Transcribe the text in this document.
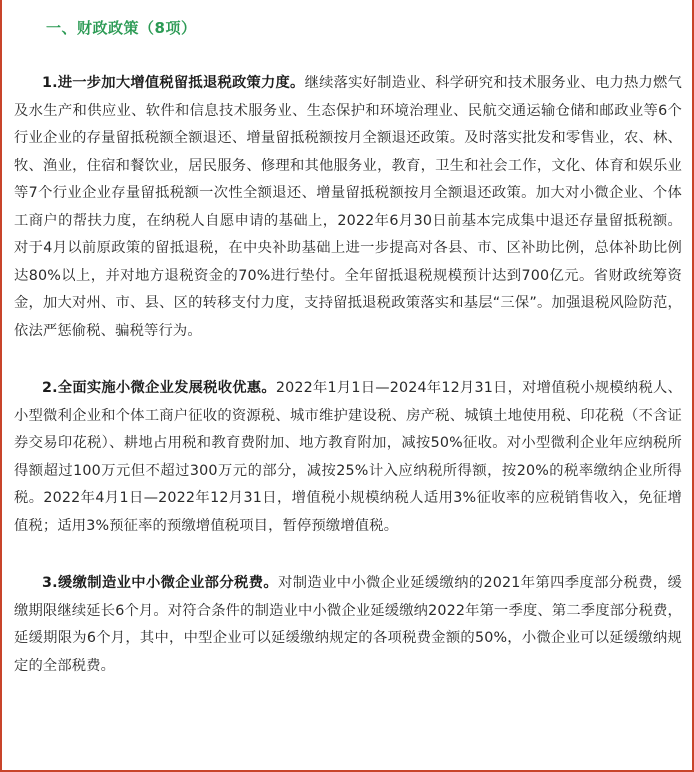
一、财政政策（8项）

1.进一步加大增值税留抵退税政策力度。继续落实好制造业、科学研究和技术服务业、电力热力燃气及水生产和供应业、软件和信息技术服务业、生态保护和环境治理业、民航交通运输仓储和邮政业等6个行业企业的存量留抵税额全额退还、增量留抵税额按月全额退还政策。及时落实批发和零售业，农、林、牧、渔业，住宿和餐饮业，居民服务、修理和其他服务业，教育，卫生和社会工作，文化、体育和娱乐业等7个行业企业存量留抵税额一次性全额退还、增量留抵税额按月全额退还政策。加大对小微企业、个体工商户的帮扶力度，在纳税人自愿申请的基础上，2022年6月30日前基本完成集中退还存量留抵税额。对于4月以前原政策的留抵退税，在中央补助基础上进一步提高对各县、市、区补助比例，总体补助比例达80%以上，并对地方退税资金的70%进行垫付。全年留抵退税规模预计达到700亿元。省财政统筹资金，加大对州、市、县、区的转移支付力度，支持留抵退税政策落实和基层“三保”。加强退税风险防范，依法严惩偷税、骗税等行为。

2.全面实施小微企业发展税收优惠。2022年1月1日—2024年12月31日，对增值税小规模纳税人、小型微利企业和个体工商户征收的资源税、城市维护建设税、房产税、城镇土地使用税、印花税（不含证券交易印花税）、耕地占用税和教育费附加、地方教育附加，减按50%征收。对小型微利企业年应纳税所得额超过100万元但不超过300万元的部分，减按25%计入应纳税所得额，按20%的税率缴纳企业所得税。2022年4月1日—2022年12月31日，增值税小规模纳税人适用3%征收率的应税销售收入，免征增值税；适用3%预征率的预缴增值税项目，暂停预缴增值税。

3.缓缴制造业中小微企业部分税费。对制造业中小微企业延缓缴纳的2021年第四季度部分税费，缓缴期限继续延长6个月。对符合条件的制造业中小微企业延缓缴纳2022年第一季度、第二季度部分税费，延缓期限为6个月，其中，中型企业可以延缓缴纳规定的各项税费金额的50%，小微企业可以延缓缴纳规定的全部税费。
